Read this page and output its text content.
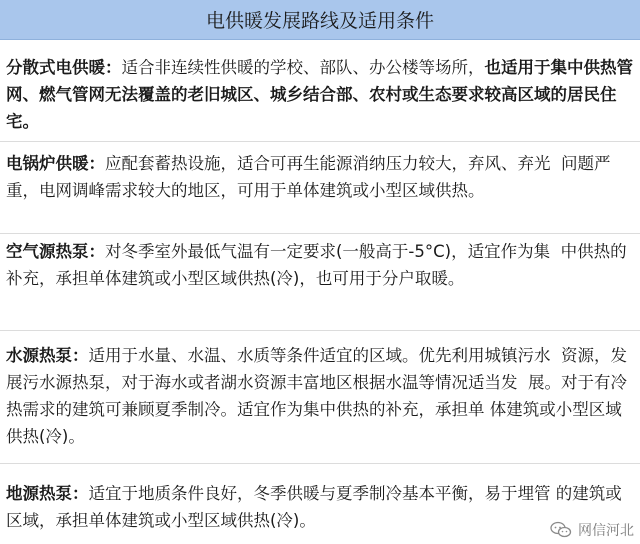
电供暖发展路线及适用条件
分散式电供暖：适合非连续性供暖的学校、部队、办公楼等场所，也适用于集中供热管网、燃气管网无法覆盖的老旧城区、城乡结合部、农村或生态要求较高区域的居民住宅。
电锅炉供暖：应配套蓄热设施，适合可再生能源消纳压力较大，弃风、弃光  问题严重，电网调峰需求较大的地区，可用于单体建筑或小型区域供热。
空气源热泵：对冬季室外最低气温有一定要求(一般高于-5°C)，适宜作为集  中供热的补充，承担单体建筑或小型区域供热(冷)，也可用于分户取暖。
水源热泵：适用于水量、水温、水质等条件适宜的区域。优先利用城镇污水  资源，发展污水源热泵，对于海水或者湖水资源丰富地区根据水温等情况适当发  展。对于有冷热需求的建筑可兼顾夏季制冷。适宜作为集中供热的补充，承担单 体建筑或小型区域供热(冷)。
地源热泵：适宜于地质条件良好，冬季供暖与夏季制冷基本平衡，易于埋管 的建筑或区域，承担单体建筑或小型区域供热(冷)。
网信河北
